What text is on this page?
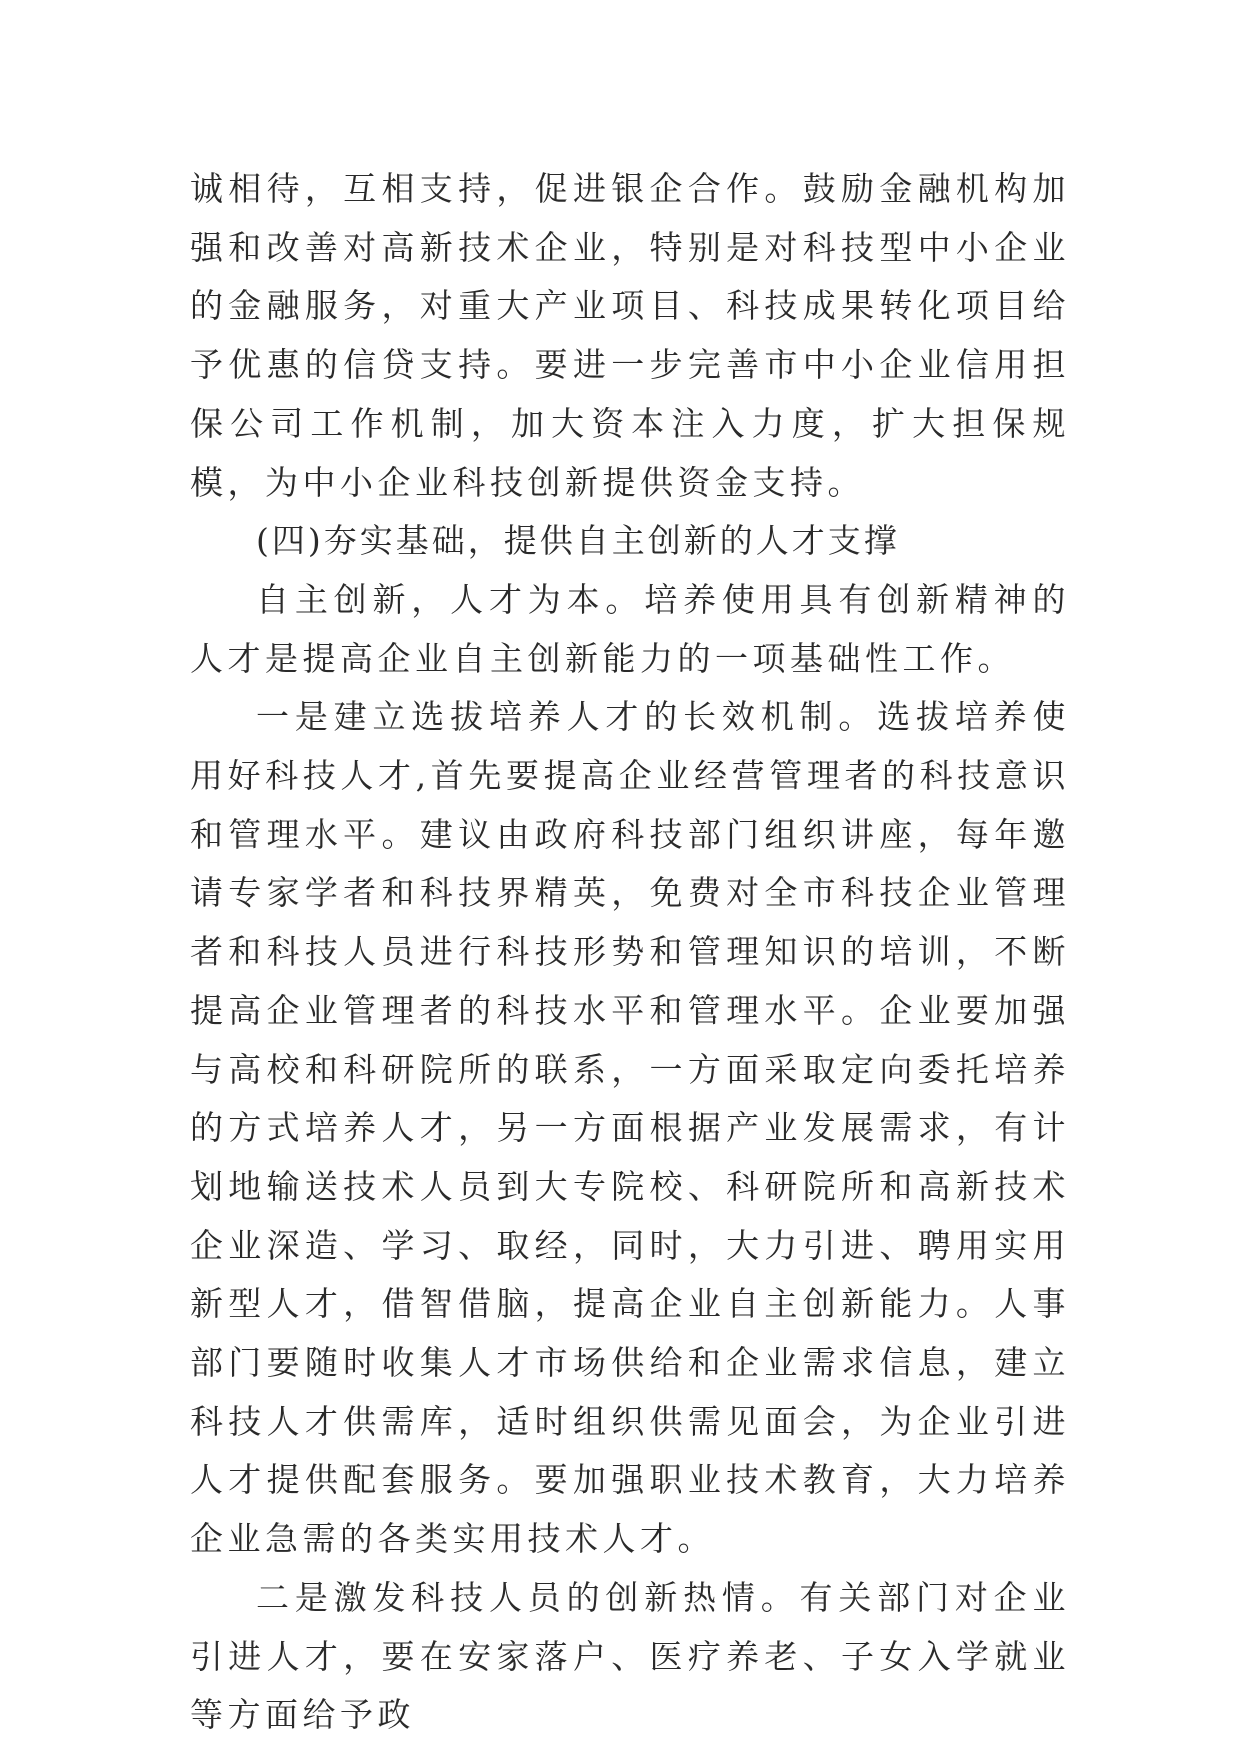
诚相待，互相支持，促进银企合作。鼓励金融机构加强和改善对高新技术企业，特别是对科技型中小企业的金融服务，对重大产业项目、科技成果转化项目给予优惠的信贷支持。要进一步完善市中小企业信用担保公司工作机制，加大资本注入力度，扩大担保规模，为中小企业科技创新提供资金支持。

(四)夯实基础，提供自主创新的人才支撑

自主创新，人才为本。培养使用具有创新精神的人才是提高企业自主创新能力的一项基础性工作。

一是建立选拔培养人才的长效机制。选拔培养使用好科技人才,首先要提高企业经营管理者的科技意识和管理水平。建议由政府科技部门组织讲座，每年邀请专家学者和科技界精英，免费对全市科技企业管理者和科技人员进行科技形势和管理知识的培训，不断提高企业管理者的科技水平和管理水平。企业要加强与高校和科研院所的联系，一方面采取定向委托培养的方式培养人才，另一方面根据产业发展需求，有计划地输送技术人员到大专院校、科研院所和高新技术企业深造、学习、取经，同时，大力引进、聘用实用新型人才，借智借脑，提高企业自主创新能力。人事部门要随时收集人才市场供给和企业需求信息，建立科技人才供需库，适时组织供需见面会，为企业引进人才提供配套服务。要加强职业技术教育，大力培养企业急需的各类实用技术人才。

二是激发科技人员的创新热情。有关部门对企业引进人才，要在安家落户、医疗养老、子女入学就业等方面给予政
